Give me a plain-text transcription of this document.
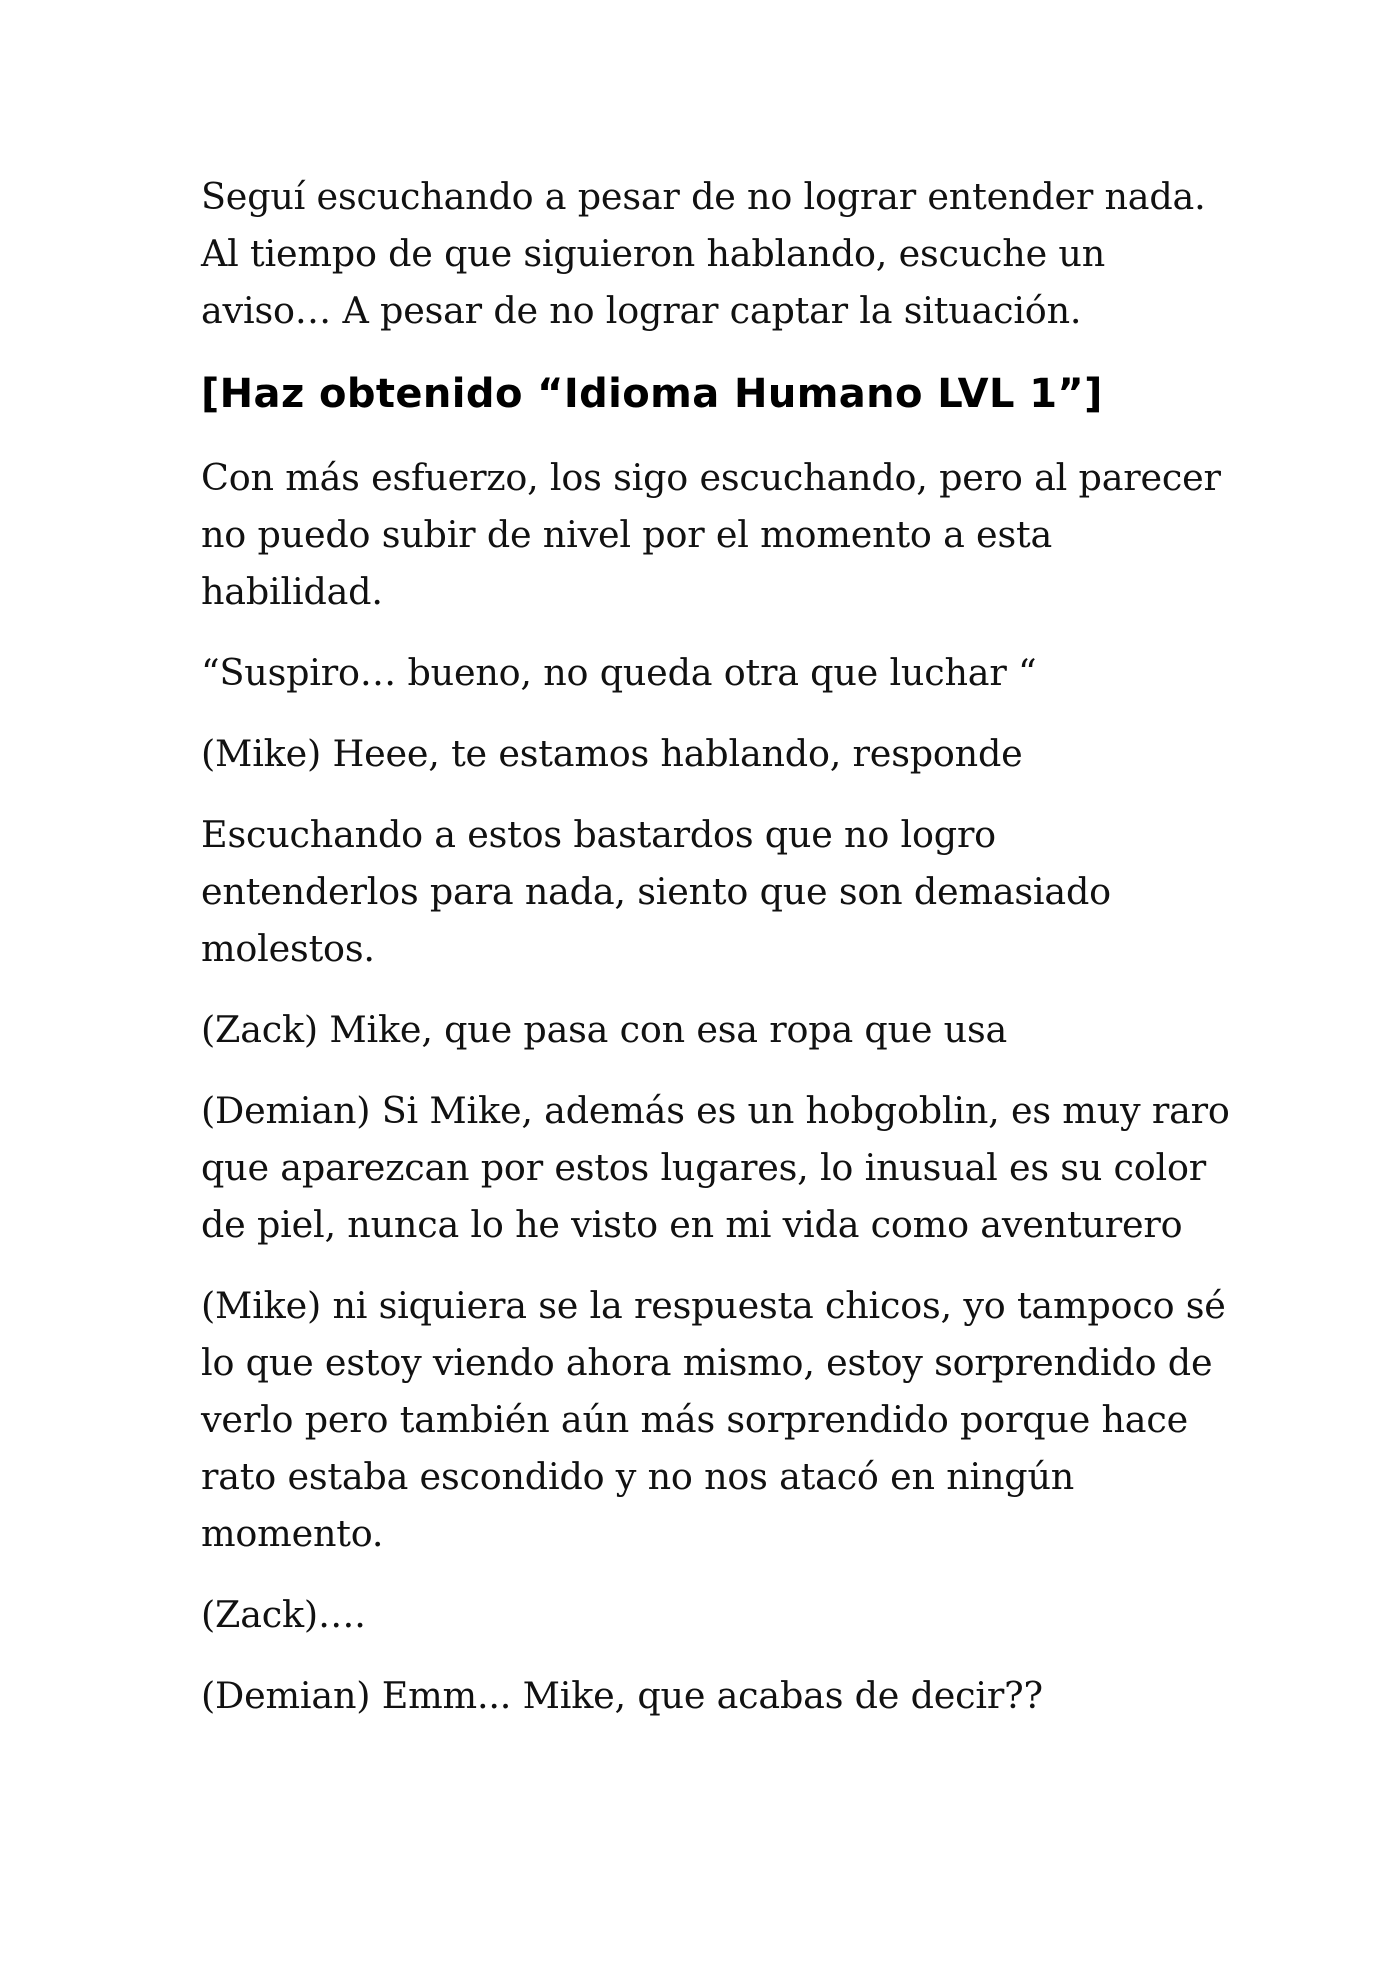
Seguí escuchando a pesar de no lograr entender nada.
Al tiempo de que siguieron hablando, escuche un
aviso… A pesar de no lograr captar la situación.

[Haz obtenido “Idioma Humano LVL 1”]

Con más esfuerzo, los sigo escuchando, pero al parecer
no puedo subir de nivel por el momento a esta
habilidad.

“Suspiro… bueno, no queda otra que luchar “

(Mike) Heee, te estamos hablando, responde

Escuchando a estos bastardos que no logro
entenderlos para nada, siento que son demasiado
molestos.

(Zack) Mike, que pasa con esa ropa que usa

(Demian) Si Mike, además es un hobgoblin, es muy raro
que aparezcan por estos lugares, lo inusual es su color
de piel, nunca lo he visto en mi vida como aventurero

(Mike) ni siquiera se la respuesta chicos, yo tampoco sé
lo que estoy viendo ahora mismo, estoy sorprendido de
verlo pero también aún más sorprendido porque hace
rato estaba escondido y no nos atacó en ningún
momento.

(Zack)….

(Demian) Emm... Mike, que acabas de decir??
